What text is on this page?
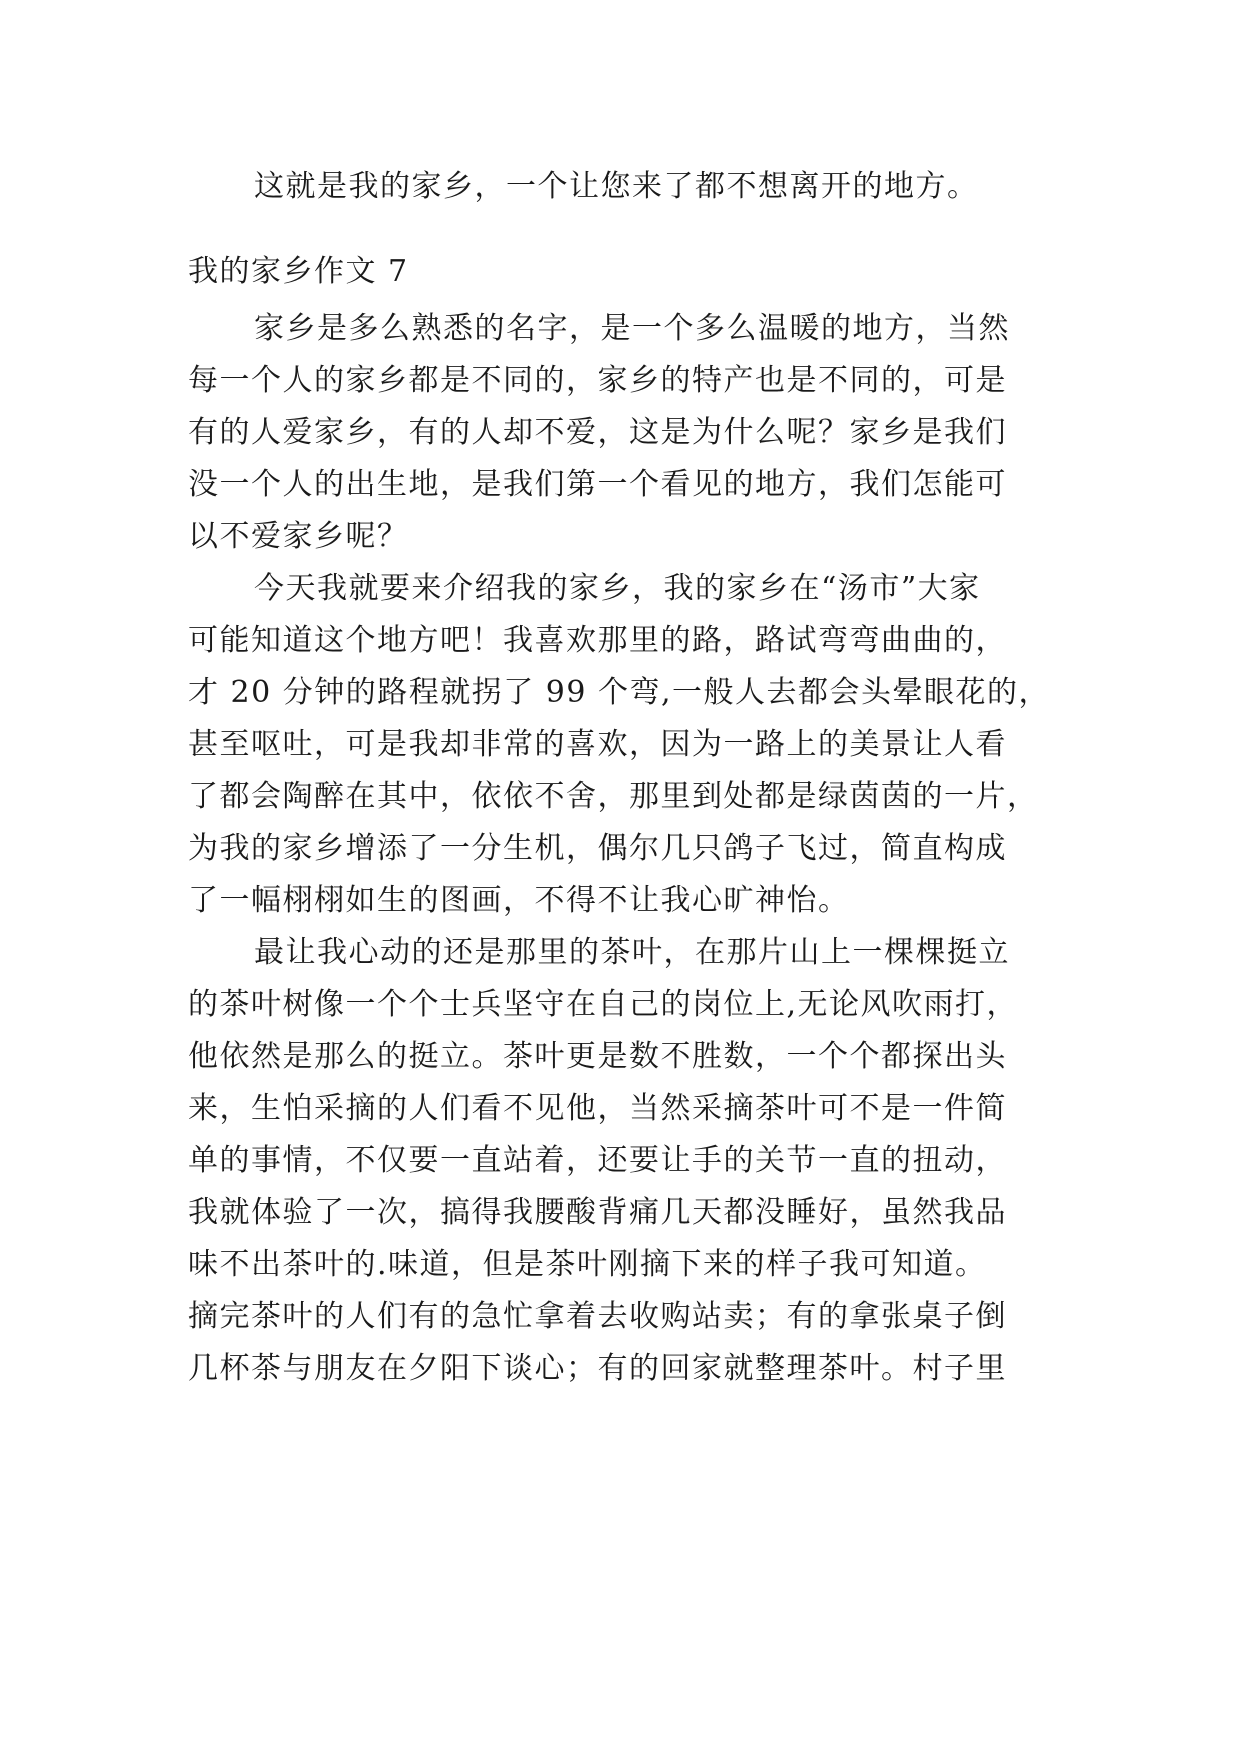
这就是我的家乡，一个让您来了都不想离开的地方。
我的家乡作文 7
家乡是多么熟悉的名字，是一个多么温暖的地方，当然
每一个人的家乡都是不同的，家乡的特产也是不同的，可是
有的人爱家乡，有的人却不爱，这是为什么呢？家乡是我们
没一个人的出生地，是我们第一个看见的地方，我们怎能可
以不爱家乡呢？
今天我就要来介绍我的家乡，我的家乡在“汤市”大家
可能知道这个地方吧！我喜欢那里的路，路试弯弯曲曲的，
才 20 分钟的路程就拐了 99 个弯,一般人去都会头晕眼花的，
甚至呕吐，可是我却非常的喜欢，因为一路上的美景让人看
了都会陶醉在其中，依依不舍，那里到处都是绿茵茵的一片，
为我的家乡增添了一分生机，偶尔几只鸽子飞过，简直构成
了一幅栩栩如生的图画，不得不让我心旷神怡。
最让我心动的还是那里的茶叶，在那片山上一棵棵挺立
的茶叶树像一个个士兵坚守在自己的岗位上,无论风吹雨打，
他依然是那么的挺立。茶叶更是数不胜数，一个个都探出头
来，生怕采摘的人们看不见他，当然采摘茶叶可不是一件简
单的事情，不仅要一直站着，还要让手的关节一直的扭动，
我就体验了一次，搞得我腰酸背痛几天都没睡好，虽然我品
味不出茶叶的.味道，但是茶叶刚摘下来的样子我可知道。
摘完茶叶的人们有的急忙拿着去收购站卖；有的拿张桌子倒
几杯茶与朋友在夕阳下谈心；有的回家就整理茶叶。村子里
